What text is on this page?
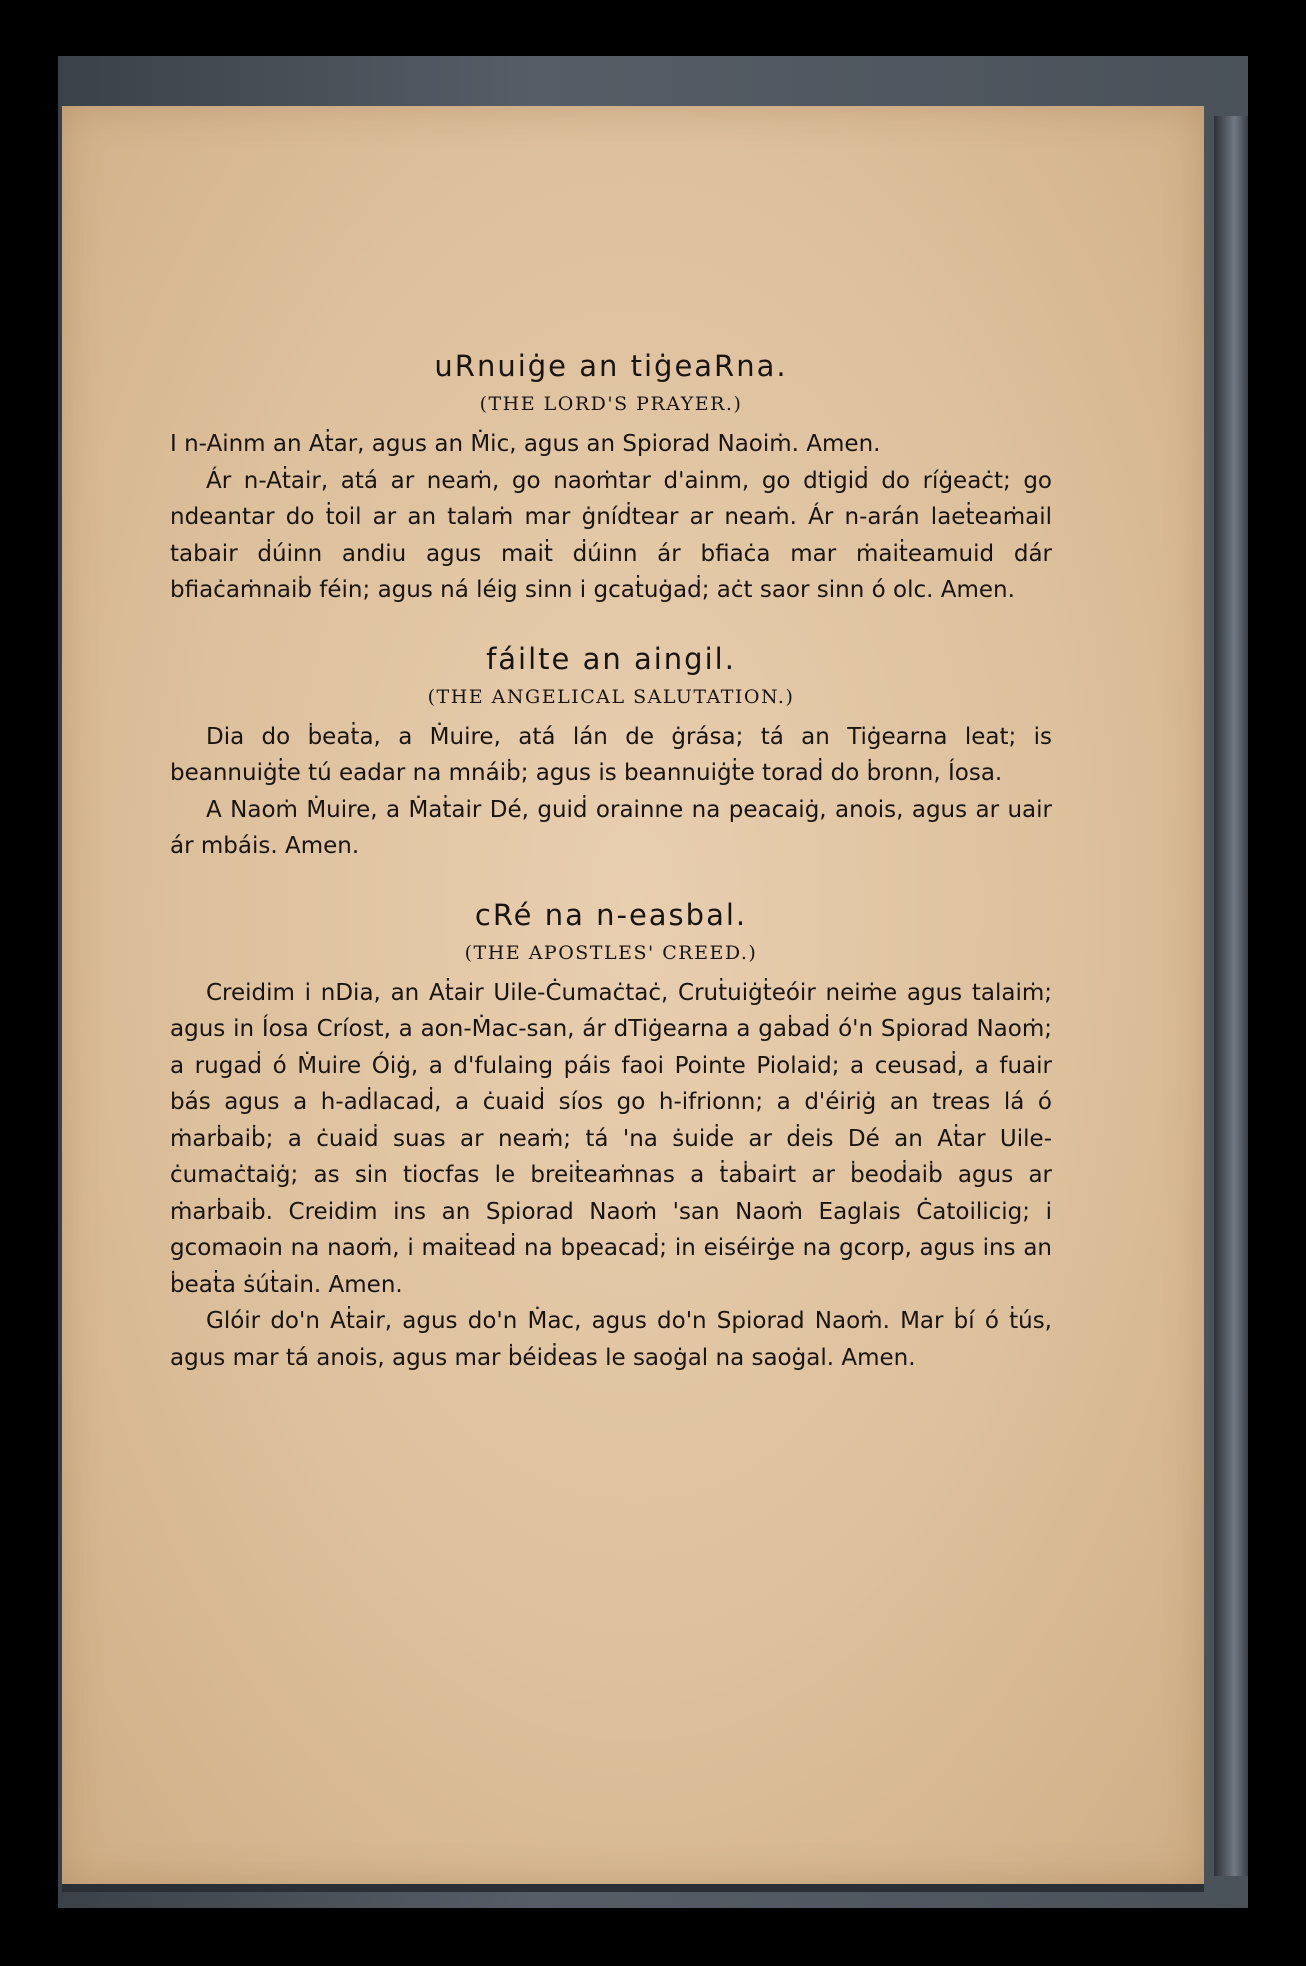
uRnuiġe an tiġeaRna.
(THE LORD'S PRAYER.)

I n-Ainm an Aṫar, agus an Ṁic, agus an Spiorad Naoiṁ. Amen.

Ár n-Aṫair, atá ar neaṁ, go naoṁtar d'ainm, go dtigiḋ do ríġeaċt; go ndeantar do ṫoil ar an talaṁ mar ġníḋtear ar neaṁ. Ár n-arán laeṫeaṁail tabair ḋúinn andiu agus maiṫ ḋúinn ár bfiaċa mar ṁaiṫeamuid dár bfiaċaṁnaiḃ féin; agus ná léig sinn i gcaṫuġaḋ; aċt saor sinn ó olc. Amen.

fáilte an aingil.
(THE ANGELICAL SALUTATION.)

Dia do ḃeaṫa, a Ṁuire, atá lán de ġrása; tá an Tiġearna leat; is beannuiġṫe tú eadar na mnáiḃ; agus is beannuiġṫe toraḋ do ḃronn, Íosa.

A Naoṁ Ṁuire, a Ṁaṫair Dé, guiḋ orainne na peacaiġ, anois, agus ar uair ár mbáis. Amen.

cRé na n-easbal.
(THE APOSTLES' CREED.)

Creidim i nDia, an Aṫair Uile-Ċumaċtaċ, Cruṫuiġṫeóir neiṁe agus talaiṁ; agus in Íosa Críost, a aon-Ṁac-san, ár dTiġearna a gaḃaḋ ó'n Spiorad Naoṁ; a rugaḋ ó Ṁuire Óiġ, a d'fulaing páis faoi Pointe Piolaid; a ceusaḋ, a fuair bás agus a h-aḋlacaḋ, a ċuaiḋ síos go h-ifrionn; a d'éiriġ an treas lá ó ṁarḃaiḃ; a ċuaiḋ suas ar neaṁ; tá 'na ṡuiḋe ar ḋeis Dé an Aṫar Uile-ċumaċtaiġ; as sin tiocfas le breiṫeaṁnas a ṫaḃairt ar ḃeoḋaiḃ agus ar ṁarḃaiḃ. Creidim ins an Spiorad Naoṁ 'san Naoṁ Eaglais Ċatoilicig; i gcomaoin na naoṁ, i maiṫeaḋ na bpeacaḋ; in eiséirġe na gcorp, agus ins an ḃeaṫa ṡúṫain. Amen.

Glóir do'n Aṫair, agus do'n Ṁac, agus do'n Spiorad Naoṁ. Mar ḃí ó ṫús, agus mar tá anois, agus mar ḃéiḋeas le saoġal na saoġal. Amen.
